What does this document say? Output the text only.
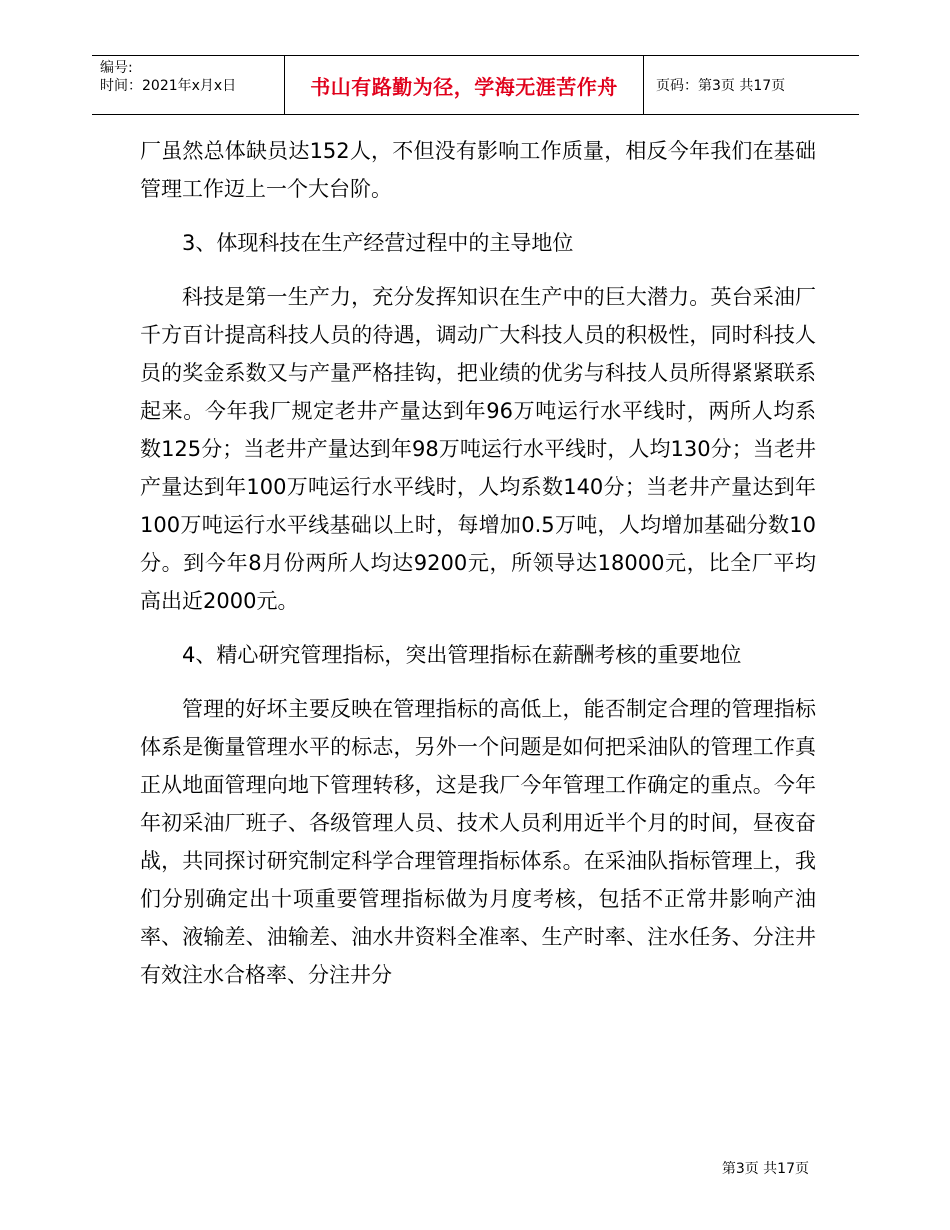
编号:
时间：2021年x月x日	书山有路勤为径，学海无涯苦作舟	页码：第3页 共17页

厂虽然总体缺员达152人，不但没有影响工作质量，相反今年我们在基础管理工作迈上一个大台阶。

3、体现科技在生产经营过程中的主导地位

科技是第一生产力，充分发挥知识在生产中的巨大潜力。英台采油厂千方百计提高科技人员的待遇，调动广大科技人员的积极性，同时科技人员的奖金系数又与产量严格挂钩，把业绩的优劣与科技人员所得紧紧联系起来。今年我厂规定老井产量达到年96万吨运行水平线时，两所人均系数125分；当老井产量达到年98万吨运行水平线时，人均130分；当老井产量达到年100万吨运行水平线时，人均系数140分；当老井产量达到年100万吨运行水平线基础以上时，每增加0.5万吨，人均增加基础分数10分。到今年8月份两所人均达9200元，所领导达18000元，比全厂平均高出近2000元。

4、精心研究管理指标，突出管理指标在薪酬考核的重要地位

管理的好坏主要反映在管理指标的高低上，能否制定合理的管理指标体系是衡量管理水平的标志，另外一个问题是如何把采油队的管理工作真正从地面管理向地下管理转移，这是我厂今年管理工作确定的重点。今年年初采油厂班子、各级管理人员、技术人员利用近半个月的时间，昼夜奋战，共同探讨研究制定科学合理管理指标体系。在采油队指标管理上，我们分别确定出十项重要管理指标做为月度考核，包括不正常井影响产油率、液输差、油输差、油水井资料全准率、生产时率、注水任务、分注井有效注水合格率、分注井分

第3页 共17页
